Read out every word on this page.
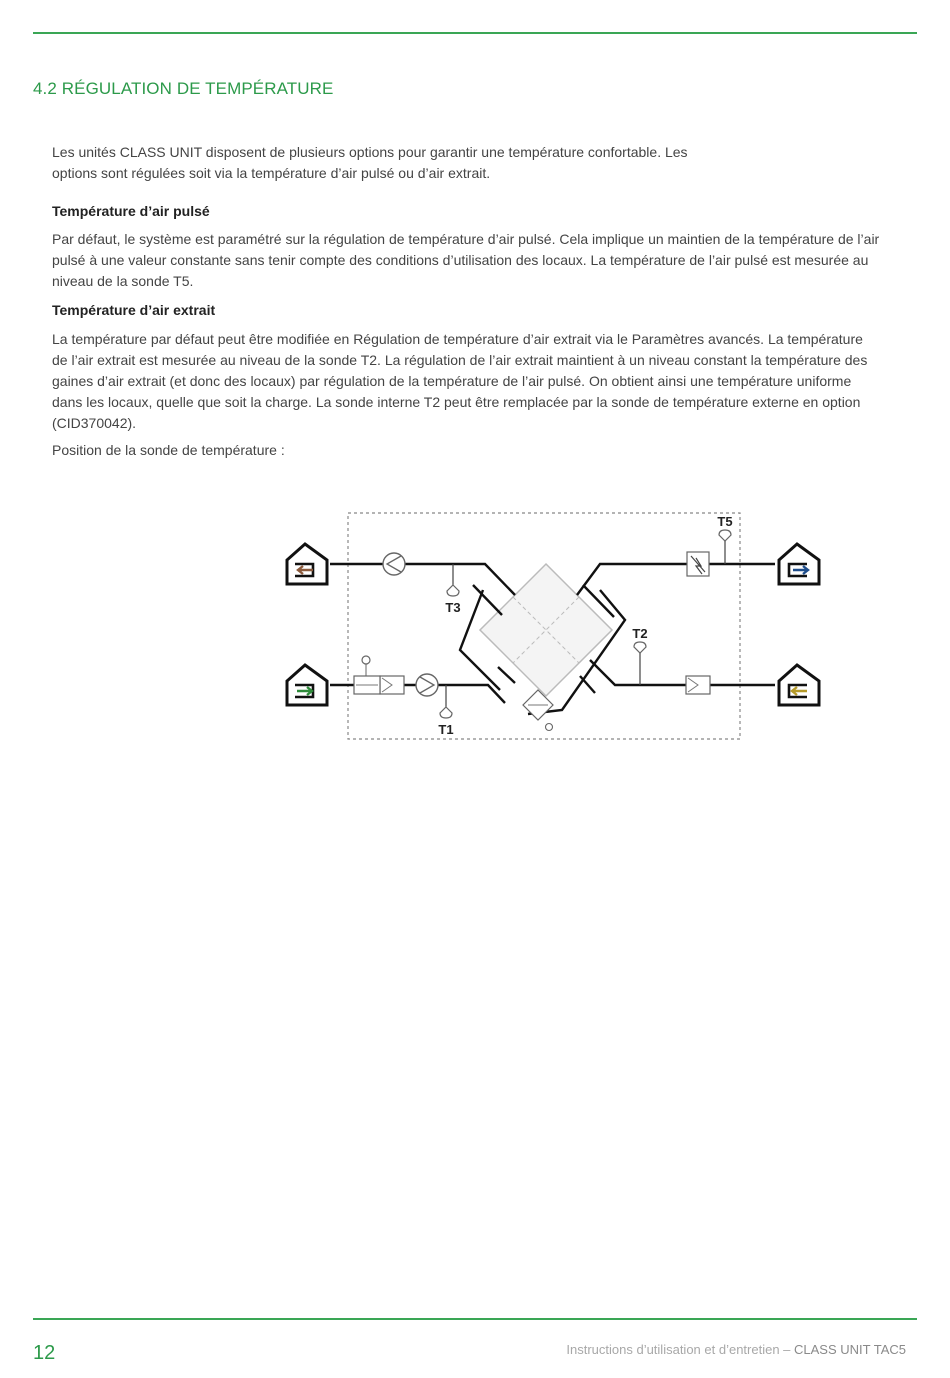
4.2 RÉGULATION DE TEMPÉRATURE
Les unités CLASS UNIT disposent de plusieurs options pour garantir une température confortable. Les options sont régulées soit via la température d’air pulsé ou d’air extrait.
Température d’air pulsé
Par défaut, le système est paramétré sur la régulation de température d’air pulsé. Cela implique un maintien de la température de l’air pulsé à une valeur constante sans tenir compte des conditions d’utilisation des locaux. La température de l’air pulsé est mesurée au niveau de la sonde T5.
Température d’air extrait
La température par défaut peut être modifiée en Régulation de température d’air extrait via le Paramètres avancés. La température de l’air extrait est mesurée au niveau de la sonde T2. La régulation de l’air extrait maintient à un niveau constant la température des gaines d’air extrait (et donc des locaux) par régulation de la température de l’air pulsé. On obtient ainsi une température uniforme dans les locaux, quelle que soit la charge. La sonde interne T2 peut être remplacée par la sonde de température externe en option (CID370042).
Position de la sonde de température :
T5
T3
T2
T1
12	Instructions d’utilisation et d’entretien – CLASS UNIT TAC5
